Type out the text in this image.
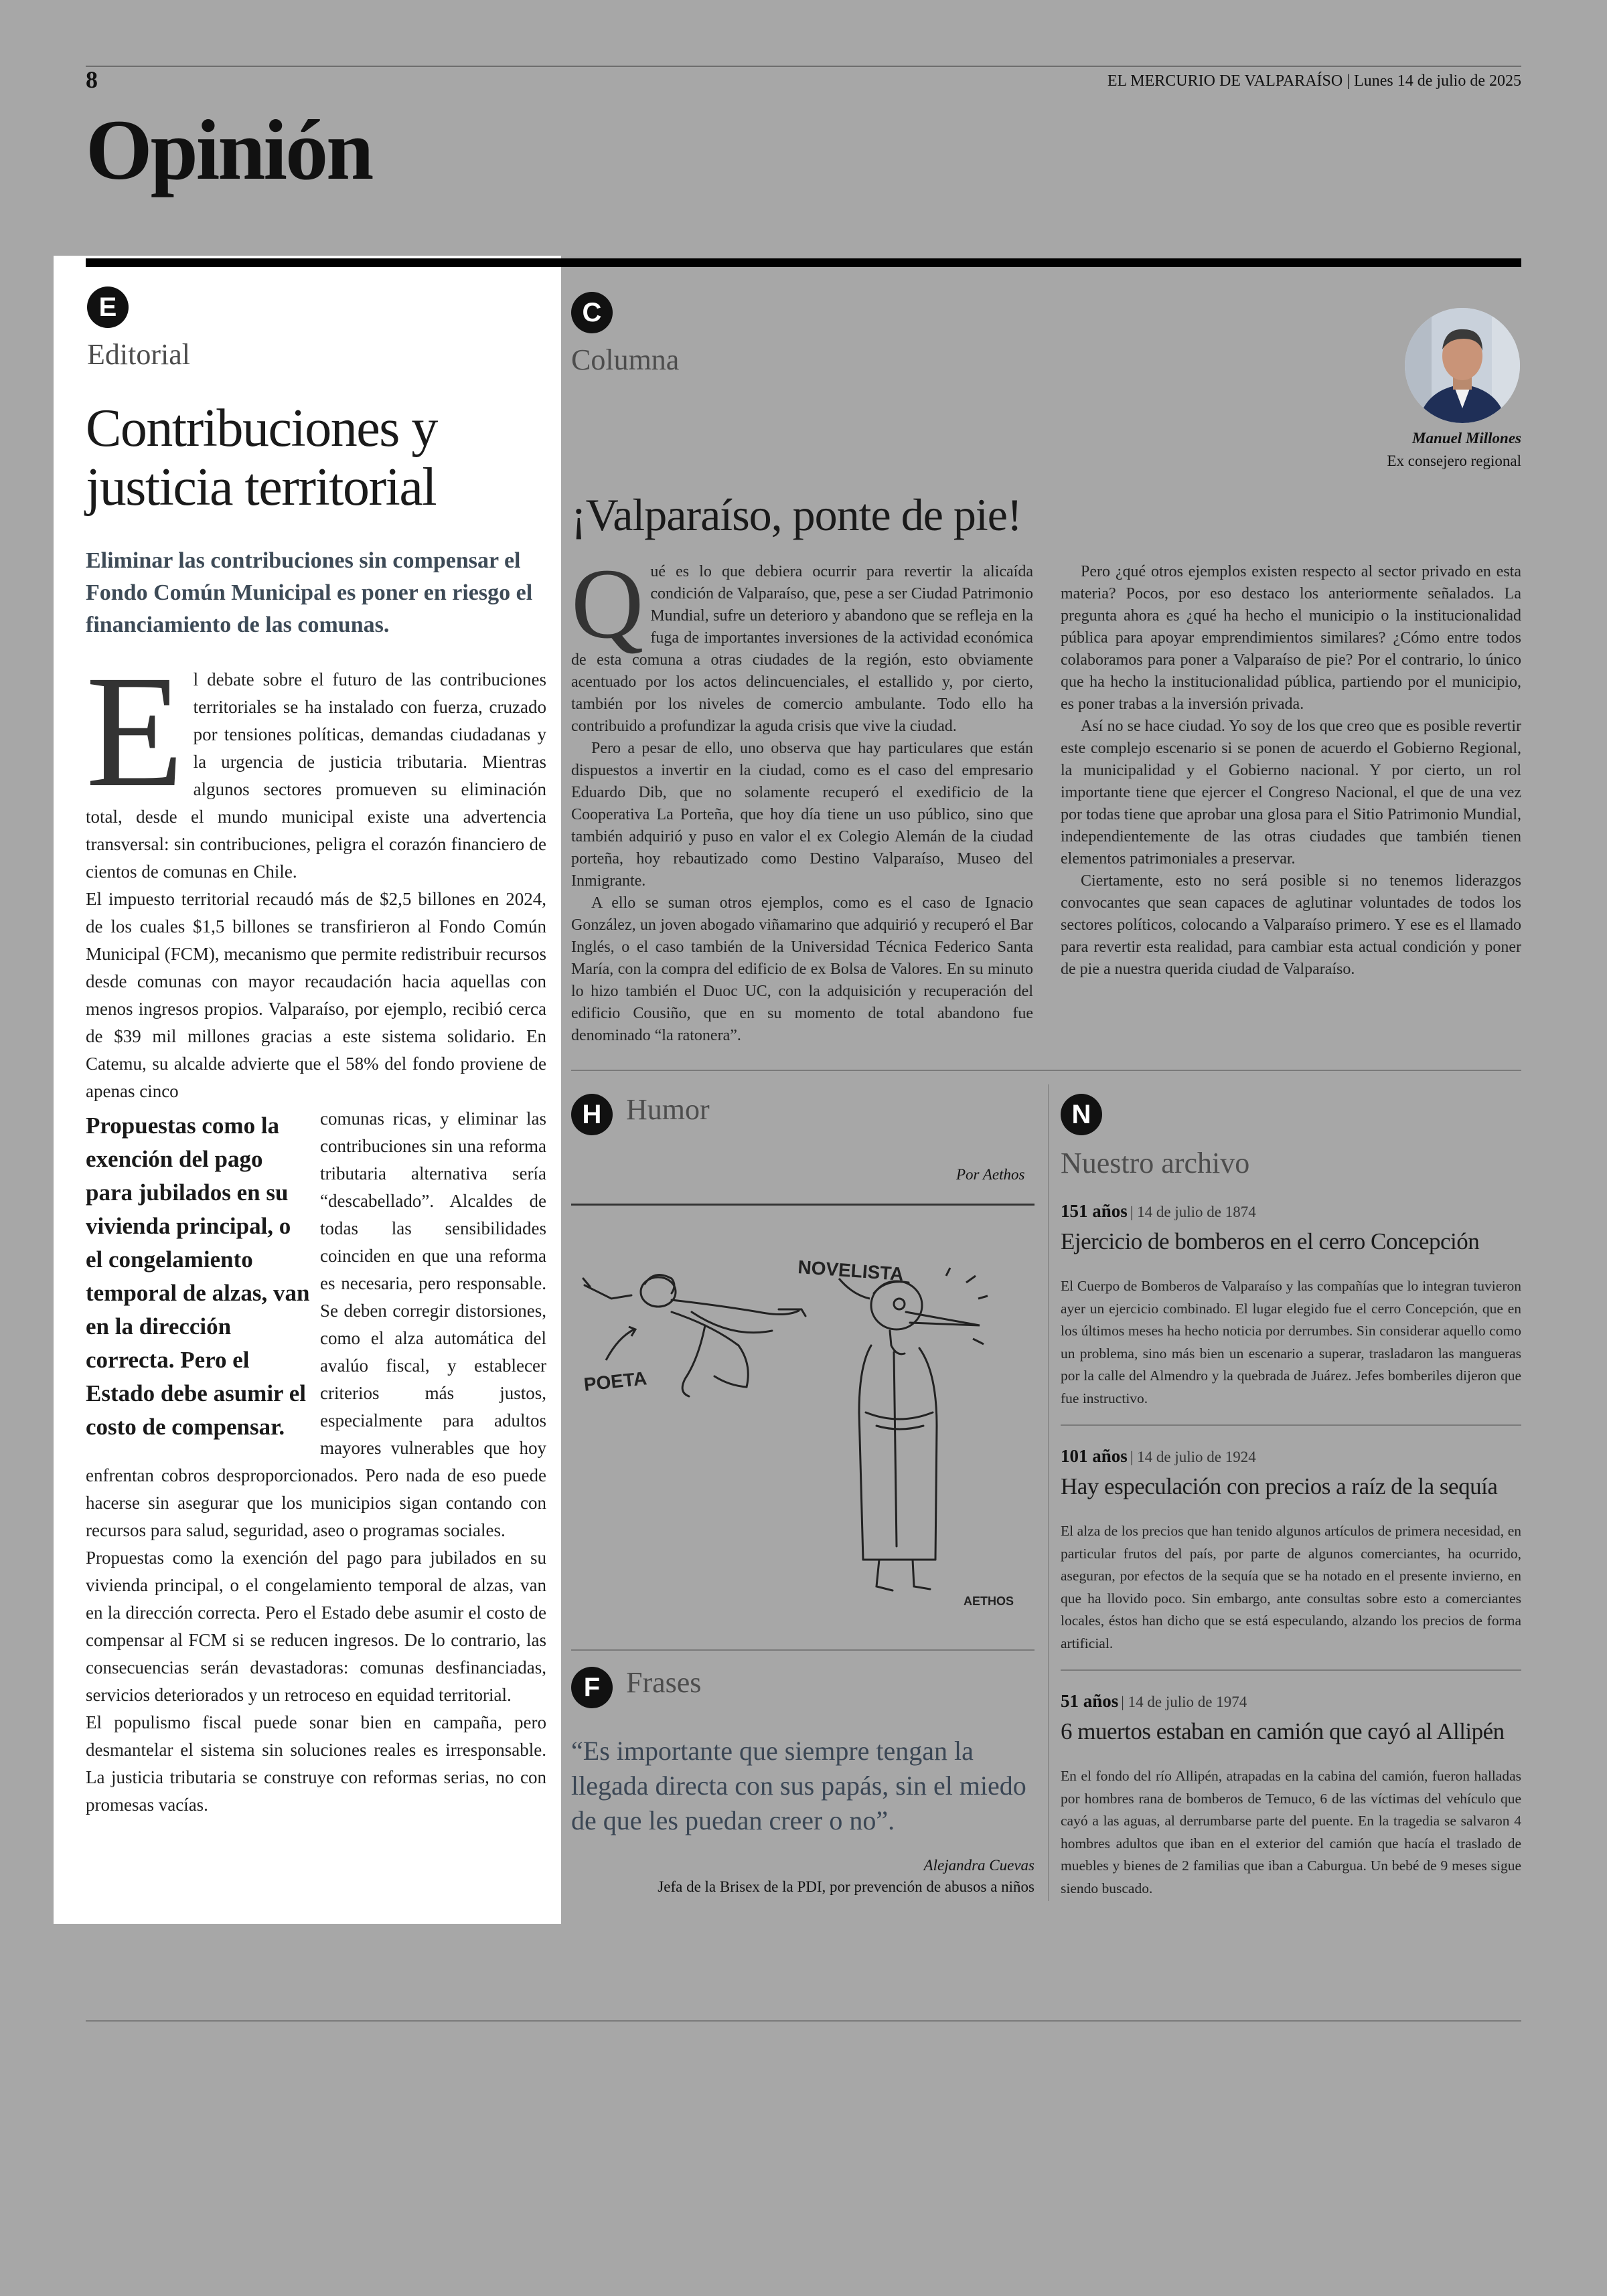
8	EL MERCURIO DE VALPARAÍSO | Lunes 14 de julio de 2025
Opinión
E
Editorial
Contribuciones y justicia territorial
Eliminar las contribuciones sin compensar el Fondo Común Municipal es poner en riesgo el financiamiento de las comunas.
E l debate sobre el futuro de las contribuciones territoriales se ha instalado con fuerza, cruzado por tensiones políticas, demandas ciudadanas y la urgencia de justicia tributaria. Mientras algunos sectores promueven su eliminación total, desde el mundo municipal existe una advertencia transversal: sin contribuciones, peligra el corazón financiero de cientos de comunas en Chile.

El impuesto territorial recaudó más de $2,5 billones en 2024, de los cuales $1,5 billones se transfirieron al Fondo Común Municipal (FCM), mecanismo que permite redistribuir recursos desde comunas con mayor recaudación hacia aquellas con menos ingresos propios. Valparaíso, por ejemplo, recibió cerca de $39 mil millones gracias a este sistema solidario. En Catemu, su alcalde advierte que el 58% del fondo proviene de apenas cinco

Propuestas como la exención del pago para jubilados en su vivienda principal, o el congelamiento temporal de alzas, van en la dirección correcta. Pero el Estado debe asumir el costo de compensar.

comunas ricas, y eliminar las contribuciones sin una reforma tributaria alternativa sería “descabellado”. Alcaldes de todas las sensibilidades coinciden en que una reforma es necesaria, pero responsable. Se deben corregir distorsiones, como el alza automática del avalúo fiscal, y establecer criterios más justos, especialmente para adultos mayores vulnerables que hoy enfrentan cobros desproporcionados. Pero nada de eso puede hacerse sin asegurar que los municipios sigan contando con recursos para salud, seguridad, aseo o programas sociales.

Propuestas como la exención del pago para jubilados en su vivienda principal, o el congelamiento temporal de alzas, van en la dirección correcta. Pero el Estado debe asumir el costo de compensar al FCM si se reducen ingresos. De lo contrario, las consecuencias serán devastadoras: comunas desfinanciadas, servicios deteriorados y un retroceso en equidad territorial.

El populismo fiscal puede sonar bien en campaña, pero desmantelar el sistema sin soluciones reales es irresponsable. La justicia tributaria se construye con reformas serias, no con promesas vacías.

C
Columna
Manuel Millones
Ex consejero regional
¡Valparaíso, ponte de pie!
Q ué es lo que debiera ocurrir para revertir la alicaída condición de Valparaíso, que, pese a ser Ciudad Patrimonio Mundial, sufre un deterioro y abandono que se refleja en la fuga de importantes inversiones de la actividad económica de esta comuna a otras ciudades de la región, esto obviamente acentuado por los actos delincuenciales, el estallido y, por cierto, también por los niveles de comercio ambulante. Todo ello ha contribuido a profundizar la aguda crisis que vive la ciudad.

Pero a pesar de ello, uno observa que hay particulares que están dispuestos a invertir en la ciudad, como es el caso del empresario Eduardo Dib, que no solamente recuperó el exedificio de la Cooperativa La Porteña, que hoy día tiene un uso público, sino que también adquirió y puso en valor el ex Colegio Alemán de la ciudad porteña, hoy rebautizado como Destino Valparaíso, Museo del Inmigrante.

A ello se suman otros ejemplos, como es el caso de Ignacio González, un joven abogado viñamarino que adquirió y recuperó el Bar Inglés, o el caso también de la Universidad Técnica Federico Santa María, con la compra del edificio de ex Bolsa de Valores. En su minuto lo hizo también el Duoc UC, con la adquisición y recuperación del edificio Cousiño, que en su momento de total abandono fue denominado “la ratonera”.

Pero ¿qué otros ejemplos existen respecto al sector privado en esta materia? Pocos, por eso destaco los anteriormente señalados. La pregunta ahora es ¿qué ha hecho el municipio o la institucionalidad pública para apoyar emprendimientos similares? ¿Cómo entre todos colaboramos para poner a Valparaíso de pie? Por el contrario, lo único que ha hecho la institucionalidad pública, partiendo por el municipio, es poner trabas a la inversión privada.

Así no se hace ciudad. Yo soy de los que creo que es posible revertir este complejo escenario si se ponen de acuerdo el Gobierno Regional, la municipalidad y el Gobierno nacional. Y por cierto, un rol importante tiene que ejercer el Congreso Nacional, el que de una vez por todas tiene que aprobar una glosa para el Sitio Patrimonio Mundial, independientemente de las otras ciudades que también tienen elementos patrimoniales a preservar.

Ciertamente, esto no será posible si no tenemos liderazgos convocantes que sean capaces de aglutinar voluntades de todos los sectores políticos, colocando a Valparaíso primero. Y ese es el llamado para revertir esta realidad, para cambiar esta actual condición y poner de pie a nuestra querida ciudad de Valparaíso.

H Humor
Por Aethos
POETA
NOVELISTA
AETHOS
F Frases
“Es importante que siempre tengan la llegada directa con sus papás, sin el miedo de que les puedan creer o no”.
Alejandra Cuevas
Jefa de la Brisex de la PDI, por prevención de abusos a niños
N
Nuestro archivo
151 años | 14 de julio de 1874
Ejercicio de bomberos en el cerro Concepción
El Cuerpo de Bomberos de Valparaíso y las compañías que lo integran tuvieron ayer un ejercicio combinado. El lugar elegido fue el cerro Concepción, que en los últimos meses ha hecho noticia por derrumbes. Sin considerar aquello como un problema, sino más bien un escenario a superar, trasladaron las mangueras por la calle del Almendro y la quebrada de Juárez. Jefes bomberiles dijeron que fue instructivo.
101 años | 14 de julio de 1924
Hay especulación con precios a raíz de la sequía
El alza de los precios que han tenido algunos artículos de primera necesidad, en particular frutos del país, por parte de algunos comerciantes, ha ocurrido, aseguran, por efectos de la sequía que se ha notado en el presente invierno, en que ha llovido poco. Sin embargo, ante consultas sobre esto a comerciantes locales, éstos han dicho que se está especulando, alzando los precios de forma artificial.
51 años | 14 de julio de 1974
6 muertos estaban en camión que cayó al Allipén
En el fondo del río Allipén, atrapadas en la cabina del camión, fueron halladas por hombres rana de bomberos de Temuco, 6 de las víctimas del vehículo que cayó a las aguas, al derrumbarse parte del puente. En la tragedia se salvaron 4 hombres adultos que iban en el exterior del camión que hacía el traslado de muebles y bienes de 2 familias que iban a Caburgua. Un bebé de 9 meses sigue siendo buscado.
